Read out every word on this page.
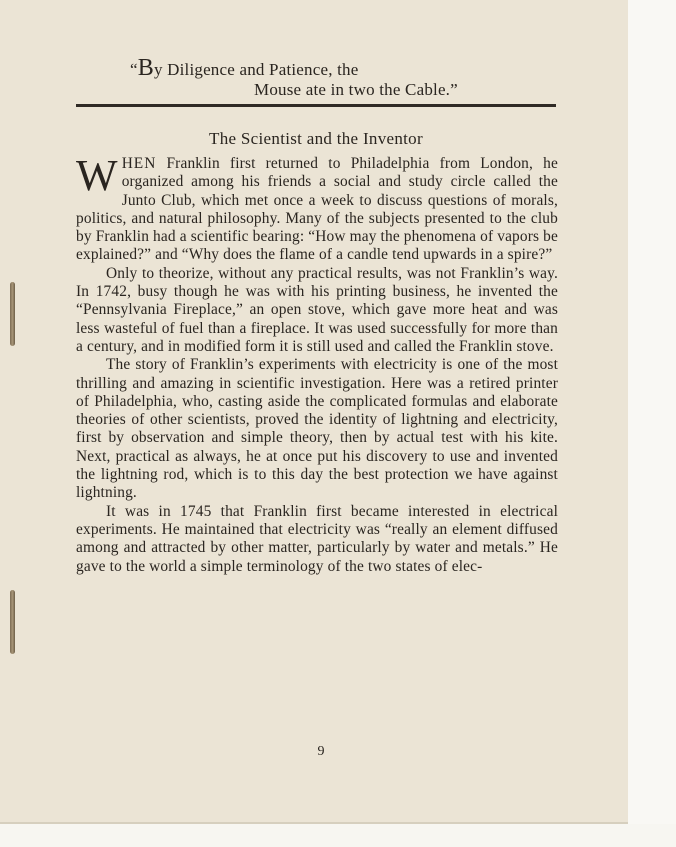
“By Diligence and Patience, the
Mouse ate in two the Cable.”
The Scientist and the Inventor

WHEN Franklin first returned to Philadelphia from London, he organized among his friends a social and study circle called the Junto Club, which met once a week to discuss questions of morals, politics, and natural philosophy. Many of the subjects presented to the club by Franklin had a scientific bearing: “How may the phenomena of vapors be explained?” and “Why does the flame of a candle tend upwards in a spire?”

Only to theorize, without any practical results, was not Franklin’s way. In 1742, busy though he was with his printing business, he invented the “Pennsylvania Fireplace,” an open stove, which gave more heat and was less wasteful of fuel than a fireplace. It was used successfully for more than a century, and in modified form it is still used and called the Franklin stove.

The story of Franklin’s experiments with electricity is one of the most thrilling and amazing in scientific investigation. Here was a retired printer of Philadelphia, who, casting aside the complicated formulas and elaborate theories of other scientists, proved the identity of lightning and electricity, first by observation and simple theory, then by actual test with his kite. Next, practical as always, he at once put his discovery to use and invented the lightning rod, which is to this day the best protection we have against lightning.

It was in 1745 that Franklin first became interested in electrical experiments. He maintained that electricity was “really an element diffused among and attracted by other matter, particularly by water and metals.” He gave to the world a simple terminology of the two states of elec-

9
